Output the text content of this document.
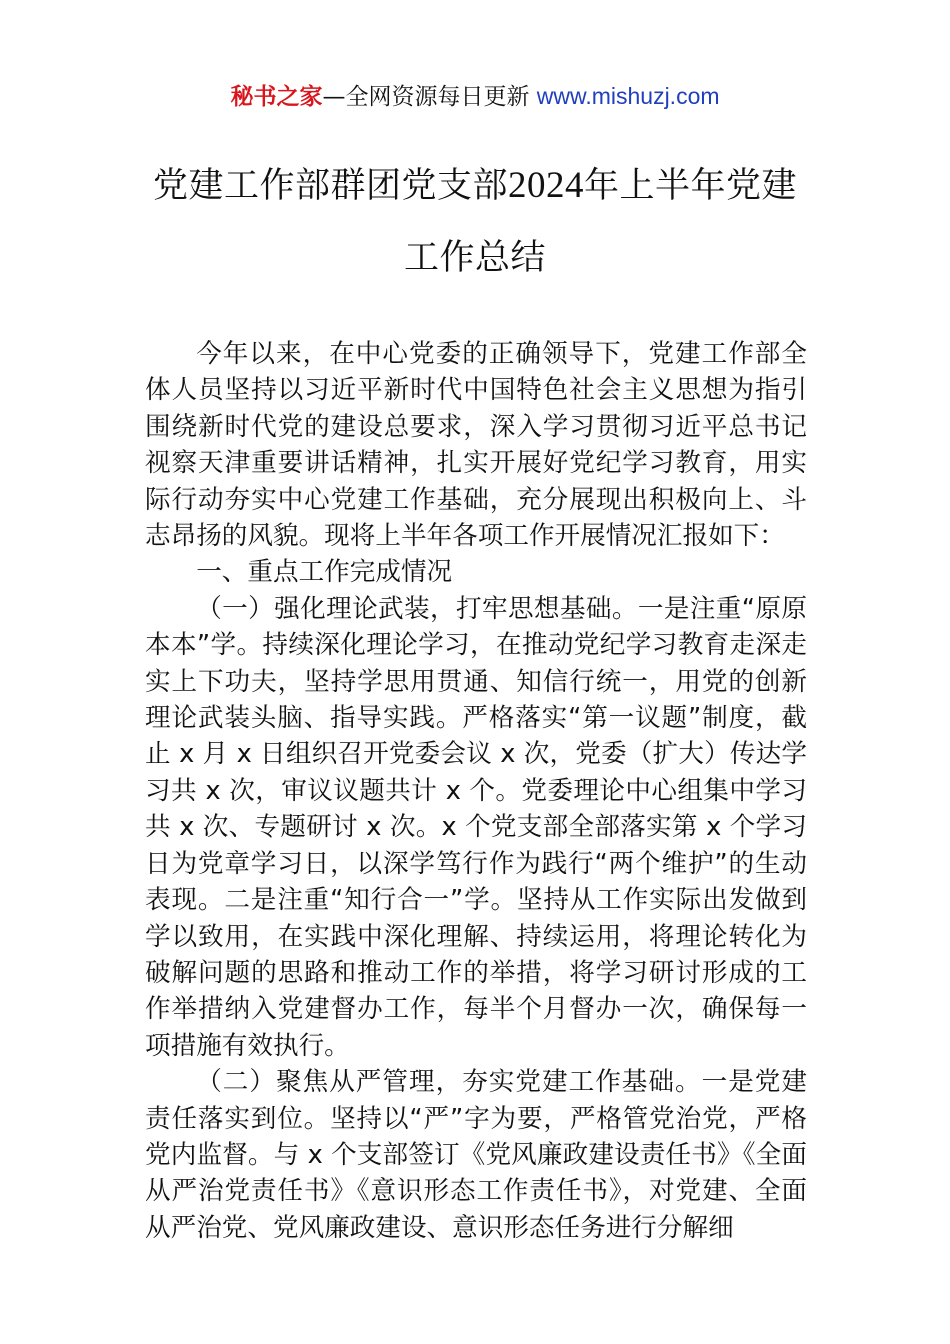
秘书之家—全网资源每日更新 www.mishuzj.com
党建工作部群团党支部2024年上半年党建
工作总结

今年以来，在中心党委的正确领导下，党建工作部全体人员坚持以习近平新时代中国特色社会主义思想为指引围绕新时代党的建设总要求，深入学习贯彻习近平总书记视察天津重要讲话精神，扎实开展好党纪学习教育，用实际行动夯实中心党建工作基础，充分展现出积极向上、斗志昂扬的风貌。现将上半年各项工作开展情况汇报如下：

一、重点工作完成情况

（一）强化理论武装，打牢思想基础。一是注重“原原本本”学。持续深化理论学习，在推动党纪学习教育走深走实上下功夫，坚持学思用贯通、知信行统一，用党的创新理论武装头脑、指导实践。严格落实“第一议题”制度，截止 x 月 x 日组织召开党委会议 x 次，党委（扩大）传达学习共 x 次，审议议题共计 x 个。党委理论中心组集中学习共 x 次、专题研讨 x 次。x 个党支部全部落实第 x 个学习日为党章学习日，以深学笃行作为践行“两个维护”的生动表现。二是注重“知行合一”学。坚持从工作实际出发做到学以致用，在实践中深化理解、持续运用，将理论转化为破解问题的思路和推动工作的举措，将学习研讨形成的工作举措纳入党建督办工作，每半个月督办一次，确保每一项措施有效执行。

（二）聚焦从严管理，夯实党建工作基础。一是党建责任落实到位。坚持以“严”字为要，严格管党治党，严格党内监督。与 x 个支部签订《党风廉政建设责任书》《全面从严治党责任书》《意识形态工作责任书》，对党建、全面从严治党、党风廉政建设、意识形态任务进行分解细
